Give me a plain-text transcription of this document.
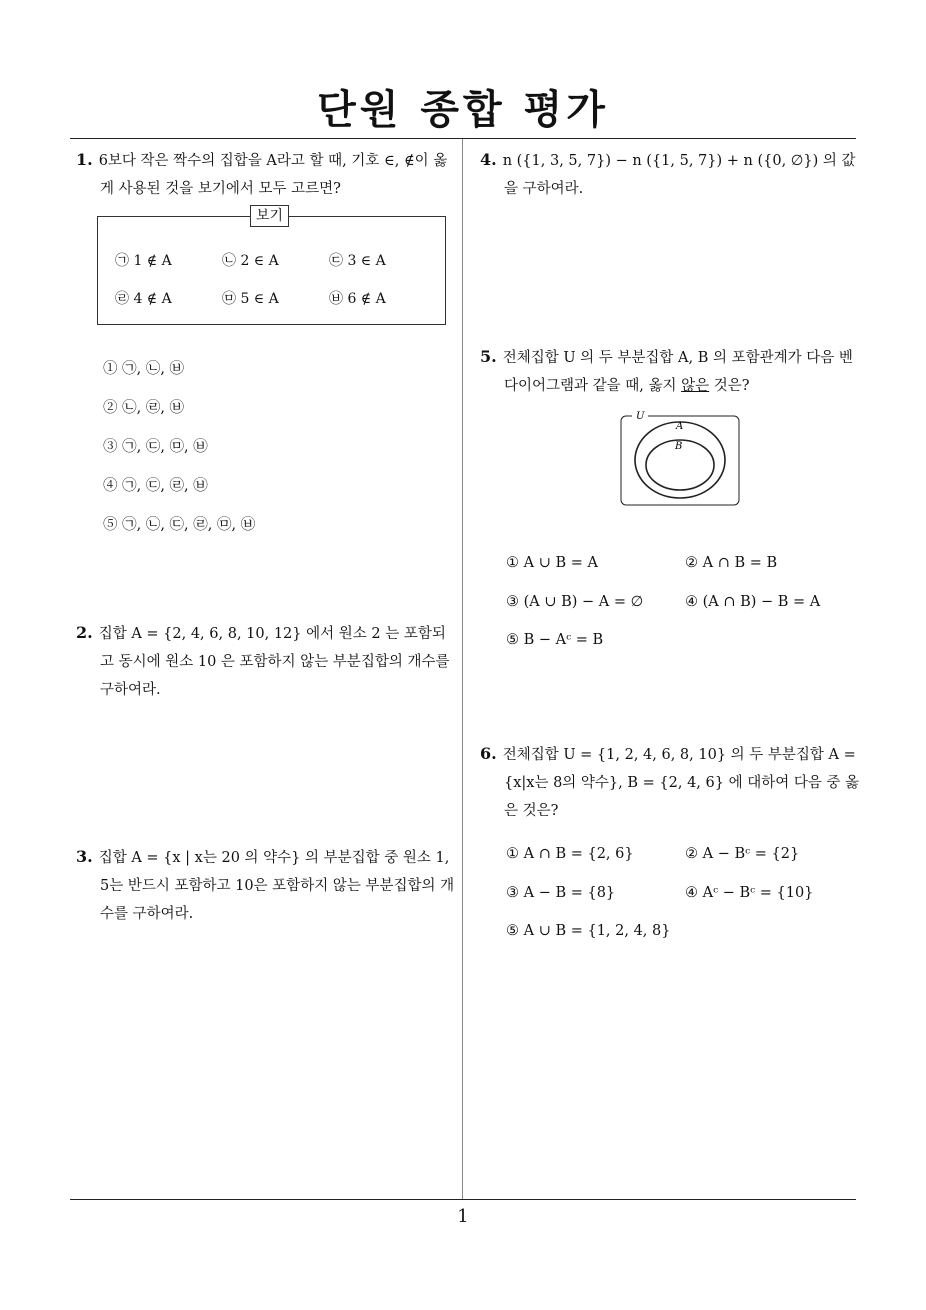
단원 종합 평가
1. 6보다 작은 짝수의 집합을 A라고 할 때, 기호 ∈, ∉이 옳게 사용된 것을 보기에서 모두 고르면?
보기
㉠ 1 ∉ A	㉡ 2 ∈ A	㉢ 3 ∈ A
㉣ 4 ∉ A	㉤ 5 ∈ A	㉥ 6 ∉ A
① ㉠, ㉡, ㉥
② ㉡, ㉣, ㉥
③ ㉠, ㉢, ㉤, ㉥
④ ㉠, ㉢, ㉣, ㉥
⑤ ㉠, ㉡, ㉢, ㉣, ㉤, ㉥
2. 집합 A = {2, 4, 6, 8, 10, 12} 에서 원소 2 는 포함되고 동시에 원소 10 은 포함하지 않는 부분집합의 개수를 구하여라.
3. 집합 A = {x | x는 20 의 약수} 의 부분집합 중 원소 1, 5는 반드시 포함하고 10은 포함하지 않는 부분집합의 개수를 구하여라.
4. n ({1, 3, 5, 7}) − n ({1, 5, 7}) + n ({0, ∅}) 의 값을 구하여라.
5. 전체집합 U 의 두 부분집합 A, B 의 포함관계가 다음 벤 다이어그램과 같을 때, 옳지 않은 것은?
U
A
B
① A ∪ B = A	② A ∩ B = B
③ (A ∪ B) − A = ∅	④ (A ∩ B) − B = A
⑤ B − Aᶜ = B
6. 전체집합 U = {1, 2, 4, 6, 8, 10} 의 두 부분집합 A = {x|x는 8의 약수}, B = {2, 4, 6} 에 대하여 다음 중 옳은 것은?
① A ∩ B = {2, 6}	② A − Bᶜ = {2}
③ A − B = {8}	④ Aᶜ − Bᶜ = {10}
⑤ A ∪ B = {1, 2, 4, 8}
1
